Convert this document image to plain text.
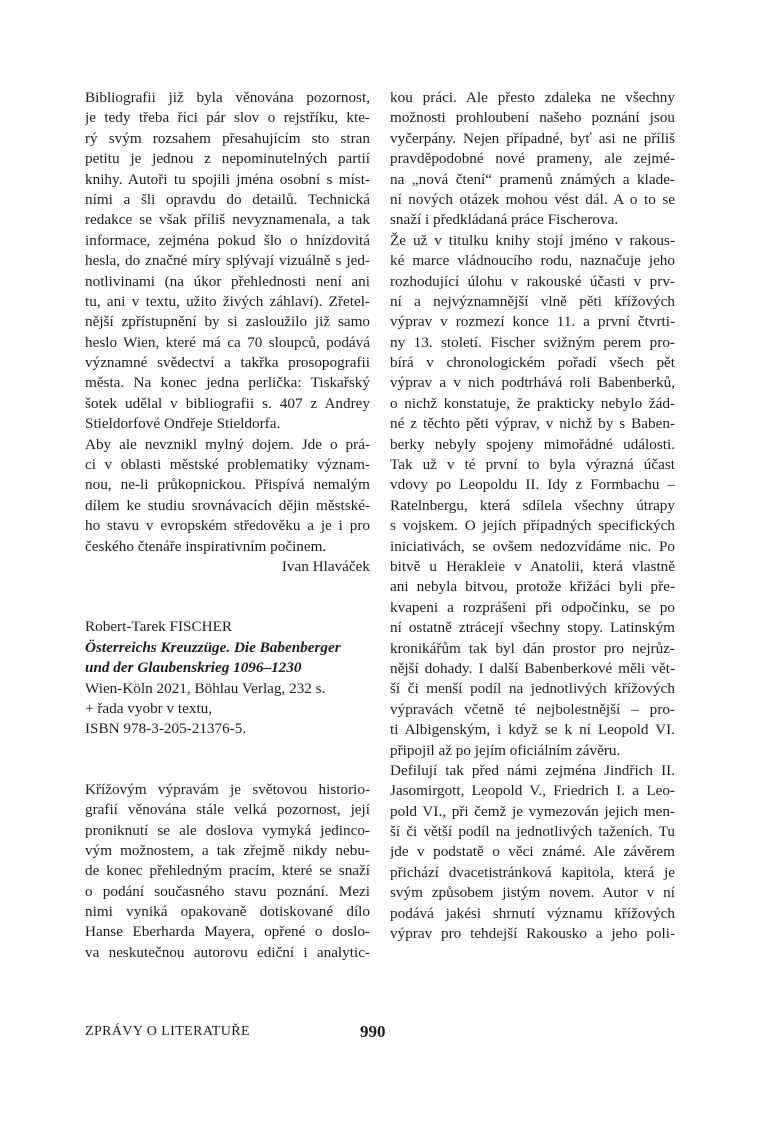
Bibliografii již byla věnována pozornost,
je tedy třeba říci pár slov o rejstříku, kte-
rý svým rozsahem přesahujícím sto stran
petitu je jednou z nepominutelných partií
knihy. Autoři tu spojili jména osobní s míst-
ními a šli opravdu do detailů. Technická
redakce se však příliš nevyznamenala, a tak
informace, zejména pokud šlo o hnízdovitá
hesla, do značné míry splývají vizuálně s jed-
notlivinami (na úkor přehlednosti není ani
tu, ani v textu, užito živých záhlaví). Zřetel-
nější zpřístupnění by si zasloužilo již samo
heslo Wien, které má ca 70 sloupců, podává
významné svědectví a takřka prosopografii
města. Na konec jedna perlička: Tiskařský
šotek udělal v bibliografii s. 407 z Andrey
Stieldorfové Ondřeje Stieldorfa.
Aby ale nevznikl mylný dojem. Jde o prá-
ci v oblasti městské problematiky význam-
nou, ne-li průkopnickou. Přispívá nemalým
dílem ke studiu srovnávacích dějin městské-
ho stavu v evropském středověku a je i pro
českého čtenáře inspirativním počinem.
Ivan Hlaváček
Robert-Tarek FISCHER
Österreichs Kreuzzüge. Die Babenberger
und der Glaubenskrieg 1096–1230
Wien-Köln 2021, Böhlau Verlag, 232 s.
+ řada vyobr v textu,
ISBN 978-3-205-21376-5.
Křížovým výpravám je světovou historio-
grafií věnována stále velká pozornost, její
proniknutí se ale doslova vymyká jedinco-
vým možnostem, a tak zřejmě nikdy nebu-
de konec přehledným pracím, které se snaží
o podání současného stavu poznání. Mezi
nimi vyniká opakovaně dotiskované dílo
Hanse Eberharda Mayera, opřené o doslo-
va neskutečnou autorovu ediční i analytic-
kou práci. Ale přesto zdaleka ne všechny
možnosti prohloubení našeho poznání jsou
vyčerpány. Nejen případné, byť asi ne příliš
pravděpodobné nové prameny, ale zejmé-
na „nová čtení“ pramenů známých a klade-
ní nových otázek mohou vést dál. A o to se
snaží i předkládaná práce Fischerova.
Že už v titulku knihy stojí jméno v rakous-
ké marce vládnoucího rodu, naznačuje jeho
rozhodující úlohu v rakouské účasti v prv-
ní a nejvýznamnější vlně pěti křížových
výprav v rozmezí konce 11. a první čtvrti-
ny 13. století. Fischer svižným perem pro-
bírá v chronologickém pořadí všech pět
výprav a v nich podtrhává roli Babenberků,
o nichž konstatuje, že prakticky nebylo žád-
né z těchto pěti výprav, v nichž by s Baben-
berky nebyly spojeny mimořádné události.
Tak už v té první to byla výrazná účast
vdovy po Leopoldu II. Idy z Formbachu –
Ratelnbergu, která sdílela všechny útrapy
s vojskem. O jejích případných specifických
iniciativách, se ovšem nedozvídáme nic. Po
bitvě u Herakleie v Anatolii, která vlastně
ani nebyla bitvou, protože křižáci byli pře-
kvapeni a rozprášeni při odpočinku, se po
ní ostatně ztrácejí všechny stopy. Latinským
kronikářům tak byl dán prostor pro nejrůz-
nější dohady. I další Babenberkové měli vět-
ší či menší podíl na jednotlivých křížových
výpravách včetně té nejbolestnější – pro-
ti Albigenským, i když se k ní Leopold VI.
připojil až po jejím oficiálním závěru.
Defilují tak před námi zejména Jindřich II.
Jasomirgott, Leopold V., Friedrich I. a Leo-
pold VI., při čemž je vymezován jejich men-
ší či větší podíl na jednotlivých taženích. Tu
jde v podstatě o věci známé. Ale závěrem
přichází dvacetistránková kapitola, která je
svým způsobem jistým novem. Autor v ní
podává jakési shrnutí významu křížových
výprav pro tehdejší Rakousko a jeho poli-
ZPRÁVY O LITERATUŘE	990
